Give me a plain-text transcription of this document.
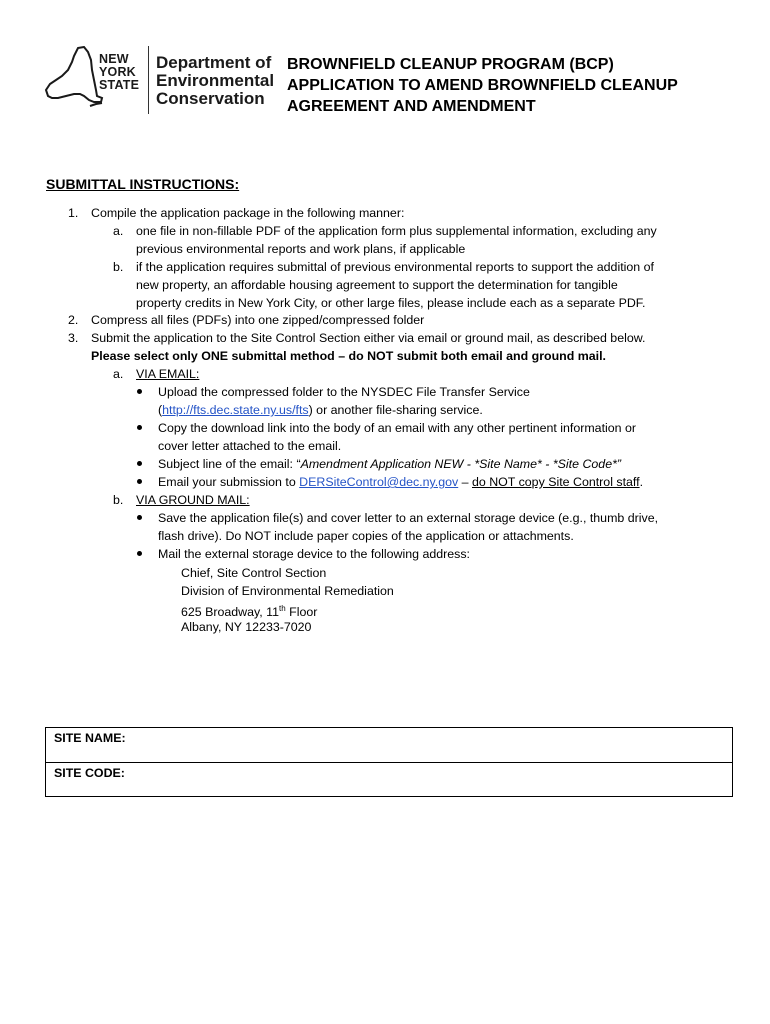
NEW
YORK
STATE
Department of
Environmental
Conservation
BROWNFIELD CLEANUP PROGRAM (BCP)
APPLICATION TO AMEND BROWNFIELD CLEANUP
AGREEMENT AND AMENDMENT
SUBMITTAL INSTRUCTIONS:
1. Compile the application package in the following manner:
a. one file in non-fillable PDF of the application form plus supplemental information, excluding any
previous environmental reports and work plans, if applicable
b. if the application requires submittal of previous environmental reports to support the addition of
new property, an affordable housing agreement to support the determination for tangible
property credits in New York City, or other large files, please include each as a separate PDF.
2. Compress all files (PDFs) into one zipped/compressed folder
3. Submit the application to the Site Control Section either via email or ground mail, as described below.
Please select only ONE submittal method – do NOT submit both email and ground mail.
a. VIA EMAIL:
Upload the compressed folder to the NYSDEC File Transfer Service
(http://fts.dec.state.ny.us/fts) or another file-sharing service.
Copy the download link into the body of an email with any other pertinent information or
cover letter attached to the email.
Subject line of the email: “Amendment Application NEW - *Site Name* - *Site Code*”
Email your submission to DERSiteControl@dec.ny.gov – do NOT copy Site Control staff.
b. VIA GROUND MAIL:
Save the application file(s) and cover letter to an external storage device (e.g., thumb drive,
flash drive). Do NOT include paper copies of the application or attachments.
Mail the external storage device to the following address:
Chief, Site Control Section
Division of Environmental Remediation
625 Broadway, 11th Floor
Albany, NY 12233-7020
SITE NAME:
SITE CODE:
